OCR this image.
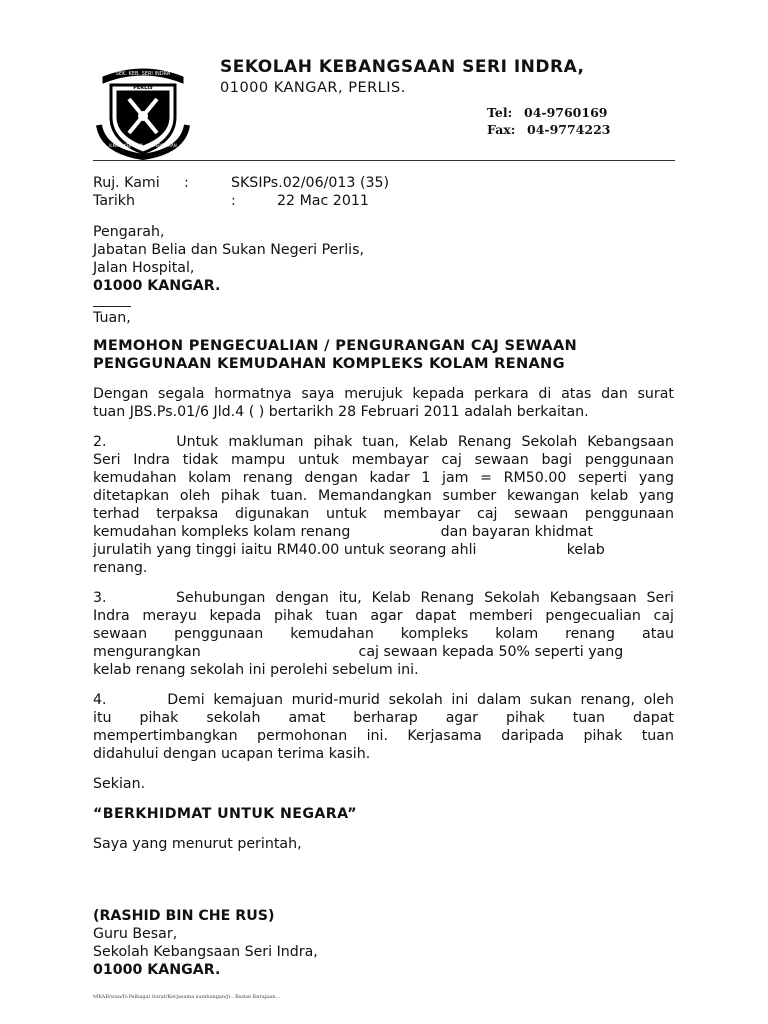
SEK. KEB. SERI INDRA
PERLIS
ILMU • KEJAYAAN • KEPERCAYAAN
SEKOLAH KEBANGSAAN SERI INDRA,
01000 KANGAR, PERLIS.
Tel: 04-9760169
Fax: 04-9774223
Ruj. Kami :	SKSIPs.02/06/013 (35)
Tarikh	:	22 Mac 2011
Pengarah,
Jabatan Belia dan Sukan Negeri Perlis,
Jalan Hospital,
01000 KANGAR.
Tuan,
MEMOHON PENGECUALIAN / PENGURANGAN CAJ SEWAAN
PENGGUNAAN KEMUDAHAN KOMPLEKS KOLAM RENANG
Dengan segala hormatnya saya merujuk kepada perkara di atas dan surat
tuan JBS.Ps.01/6 Jld.4 ( ) bertarikh 28 Februari 2011 adalah berkaitan.
2.       Untuk makluman pihak tuan, Kelab Renang Sekolah Kebangsaan
Seri Indra tidak mampu untuk membayar caj sewaan bagi penggunaan
kemudahan kolam renang dengan kadar 1 jam = RM50.00 seperti yang
ditetapkan oleh pihak tuan. Memandangkan sumber kewangan kelab yang
terhad terpaksa digunakan untuk membayar caj sewaan penggunaan
kemudahan kompleks kolam renang                    dan bayaran khidmat
jurulatih yang tinggi iaitu RM40.00 untuk seorang ahli                    kelab
renang.
3.       Sehubungan dengan itu, Kelab Renang Sekolah Kebangsaan Seri
Indra merayu kepada pihak tuan agar dapat memberi pengecualian caj
sewaan penggunaan kemudahan kompleks kolam renang atau
mengurangkan                                   caj sewaan kepada 50% seperti yang
kelab renang sekolah ini perolehi sebelum ini.
4.       Demi kemajuan murid-murid sekolah ini dalam sukan renang, oleh
itu pihak sekolah amat berharap agar pihak tuan dapat
mempertimbangkan permohonan ini. Kerjasama daripada pihak tuan
didahului dengan ucapan terima kasih.
Sekian.
“BERKHIDMAT UNTUK NEGARA”
Saya yang menurut perintah,
(RASHID BIN CHE RUS)
Guru Besar,
Sekolah Kebangsaan Seri Indra,
01000 KANGAR.
MKAB/wan/D:Pelbagai Surat/Kerjasama sumbangan/jt...Badan Kerajaan...
